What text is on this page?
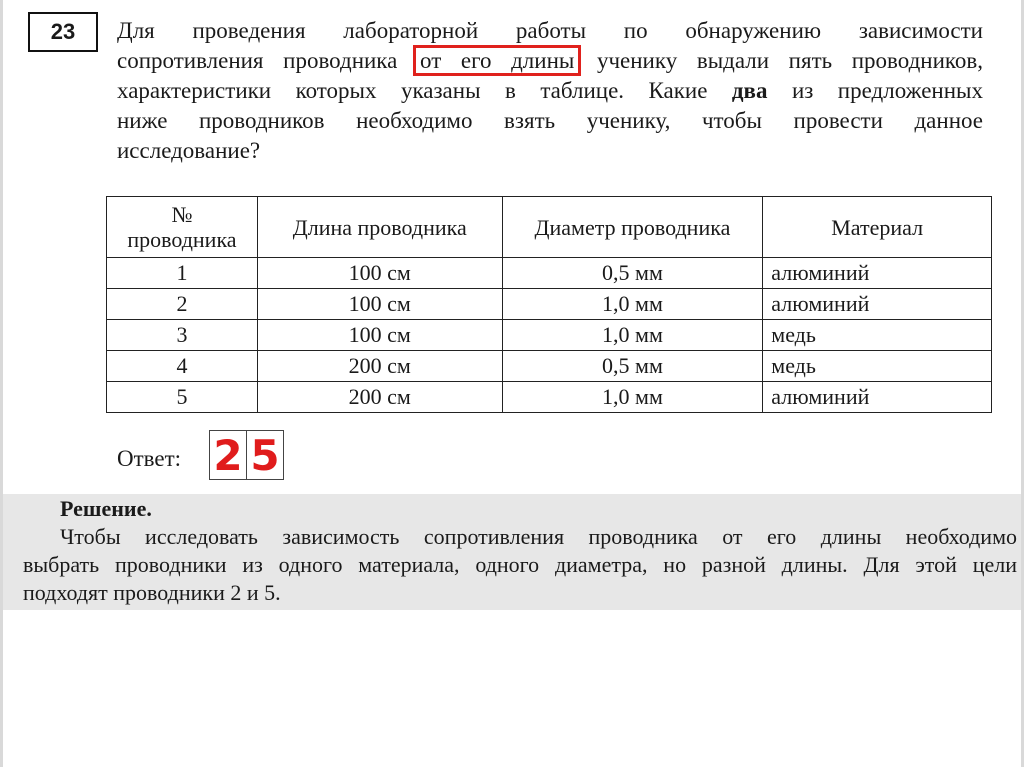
23	Для проведения лабораторной работы по обнаружению зависимости
сопротивления проводника от его длины ученику выдали пять проводников,
характеристики которых указаны в таблице. Какие два из предложенных
ниже проводников необходимо взять ученику, чтобы провести данное
исследование?
№
проводника	Длина проводника	Диаметр проводника	Материал
1	100 см	0,5 мм	алюминий
2	100 см	1,0 мм	алюминий
3	100 см	1,0 мм	медь
4	200 см	0,5 мм	медь
5	200 см	1,0 мм	алюминий
Ответ: 2 5
Решение.
Чтобы исследовать зависимость сопротивления проводника от его длины необходимо
выбрать проводники из одного материала, одного диаметра, но разной длины. Для этой цели
подходят проводники 2 и 5.
